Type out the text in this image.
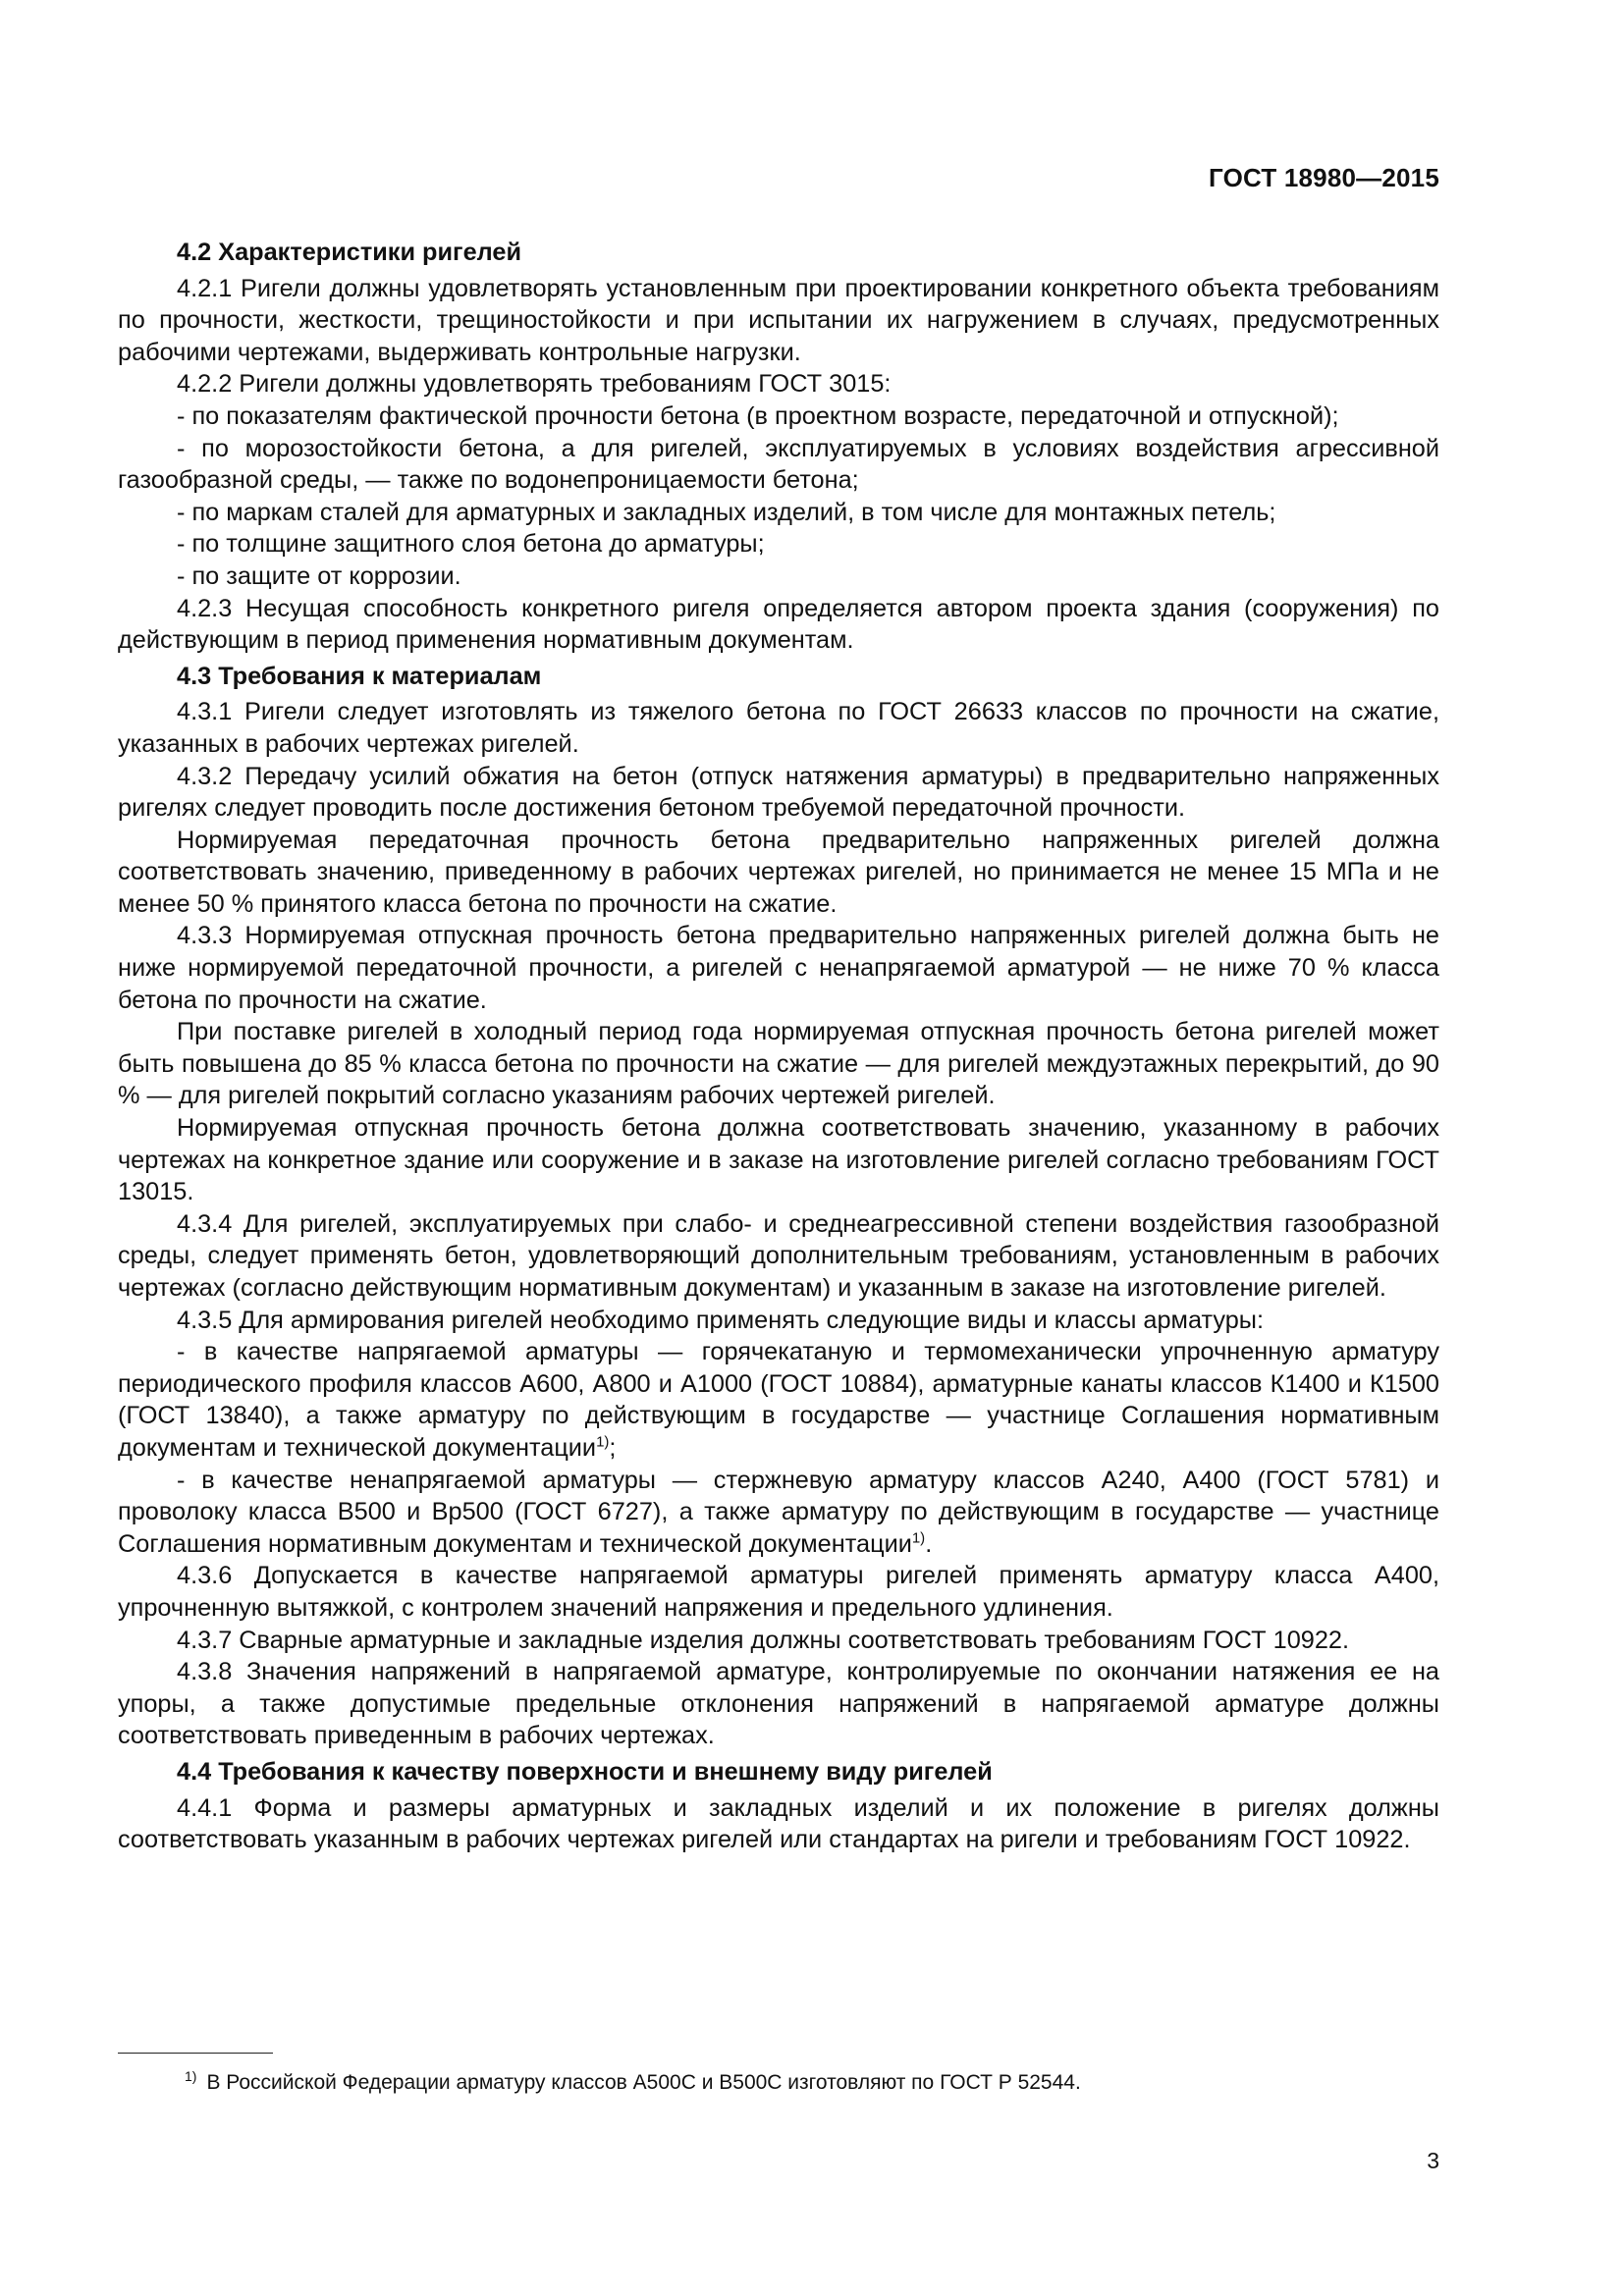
ГОСТ 18980—2015

4.2 Характеристики ригелей

4.2.1 Ригели должны удовлетворять установленным при проектировании конкретного объекта требованиям по прочности, жесткости, трещиностойкости и при испытании их нагружением в случаях, предусмотренных рабочими чертежами, выдерживать контрольные нагрузки.

4.2.2 Ригели должны удовлетворять требованиям ГОСТ 3015:

- по показателям фактической прочности бетона (в проектном возрасте, передаточной и отпускной);

- по морозостойкости бетона, а для ригелей, эксплуатируемых в условиях воздействия агрессивной газообразной среды, — также по водонепроницаемости бетона;

- по маркам сталей для арматурных и закладных изделий, в том числе для монтажных петель;

- по толщине защитного слоя бетона до арматуры;

- по защите от коррозии.

4.2.3 Несущая способность конкретного ригеля определяется автором проекта здания (сооружения) по действующим в период применения нормативным документам.

4.3 Требования к материалам

4.3.1 Ригели следует изготовлять из тяжелого бетона по ГОСТ 26633 классов по прочности на сжатие, указанных в рабочих чертежах ригелей.

4.3.2 Передачу усилий обжатия на бетон (отпуск натяжения арматуры) в предварительно напряженных ригелях следует проводить после достижения бетоном требуемой передаточной прочности.

Нормируемая передаточная прочность бетона предварительно напряженных ригелей должна соответствовать значению, приведенному в рабочих чертежах ригелей, но принимается не менее 15 МПа и не менее 50 % принятого класса бетона по прочности на сжатие.

4.3.3 Нормируемая отпускная прочность бетона предварительно напряженных ригелей должна быть не ниже нормируемой передаточной прочности, а ригелей с ненапрягаемой арматурой — не ниже 70 % класса бетона по прочности на сжатие.

При поставке ригелей в холодный период года нормируемая отпускная прочность бетона ригелей может быть повышена до 85 % класса бетона по прочности на сжатие — для ригелей междуэтажных перекрытий, до 90 % — для ригелей покрытий согласно указаниям рабочих чертежей ригелей.

Нормируемая отпускная прочность бетона должна соответствовать значению, указанному в рабочих чертежах на конкретное здание или сооружение и в заказе на изготовление ригелей согласно требованиям ГОСТ 13015.

4.3.4 Для ригелей, эксплуатируемых при слабо- и среднеагрессивной степени воздействия газообразной среды, следует применять бетон, удовлетворяющий дополнительным требованиям, установленным в рабочих чертежах (согласно действующим нормативным документам) и указанным в заказе на изготовление ригелей.

4.3.5 Для армирования ригелей необходимо применять следующие виды и классы арматуры:

- в качестве напрягаемой арматуры — горячекатаную и термомеханически упрочненную арматуру периодического профиля классов А600, А800 и А1000 (ГОСТ 10884), арматурные канаты классов К1400 и К1500 (ГОСТ 13840), а также арматуру по действующим в государстве — участнице Соглашения нормативным документам и технической документации$^{1)}$;

- в качестве ненапрягаемой арматуры — стержневую арматуру классов А240, А400 (ГОСТ 5781) и проволоку класса В500 и Вр500 (ГОСТ 6727), а также арматуру по действующим в государстве — участнице Соглашения нормативным документам и технической документации$^{1)}$.

4.3.6 Допускается в качестве напрягаемой арматуры ригелей применять арматуру класса А400, упрочненную вытяжкой, с контролем значений напряжения и предельного удлинения.

4.3.7 Сварные арматурные и закладные изделия должны соответствовать требованиям ГОСТ 10922.

4.3.8 Значения напряжений в напрягаемой арматуре, контролируемые по окончании натяжения ее на упоры, а также допустимые предельные отклонения напряжений в напрягаемой арматуре должны соответствовать приведенным в рабочих чертежах.

4.4 Требования к качеству поверхности и внешнему виду ригелей

4.4.1 Форма и размеры арматурных и закладных изделий и их положение в ригелях должны соответствовать указанным в рабочих чертежах ригелей или стандартах на ригели и требованиям ГОСТ 10922.

$^{1)}$ В Российской Федерации арматуру классов А500С и В500С изготовляют по ГОСТ Р 52544.
3
